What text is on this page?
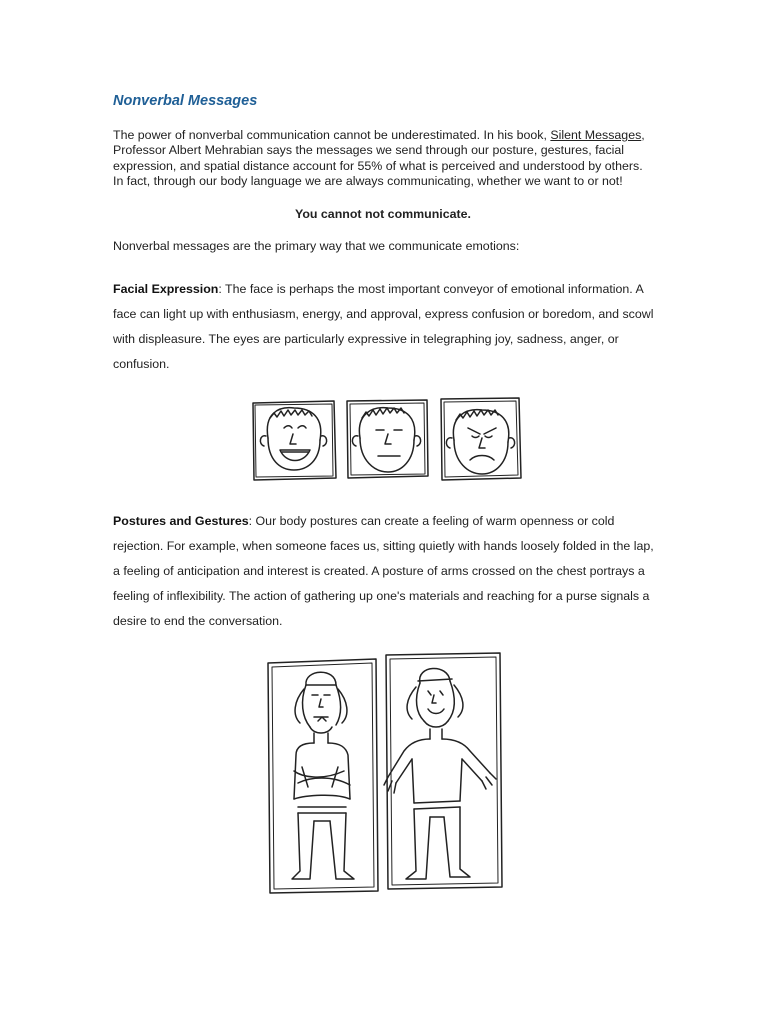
Nonverbal Messages

The power of nonverbal communication cannot be underestimated. In his book, Silent Messages, Professor Albert Mehrabian says the messages we send through our posture, gestures, facial expression, and spatial distance account for 55% of what is perceived and understood by others. In fact, through our body language we are always communicating, whether we want to or not!

You cannot not communicate.

Nonverbal messages are the primary way that we communicate emotions:

Facial Expression: The face is perhaps the most important conveyor of emotional information. A face can light up with enthusiasm, energy, and approval, express confusion or boredom, and scowl with displeasure. The eyes are particularly expressive in telegraphing joy, sadness, anger, or confusion.

Postures and Gestures: Our body postures can create a feeling of warm openness or cold rejection. For example, when someone faces us, sitting quietly with hands loosely folded in the lap, a feeling of anticipation and interest is created. A posture of arms crossed on the chest portrays a feeling of inflexibility. The action of gathering up one's materials and reaching for a purse signals a desire to end the conversation.
